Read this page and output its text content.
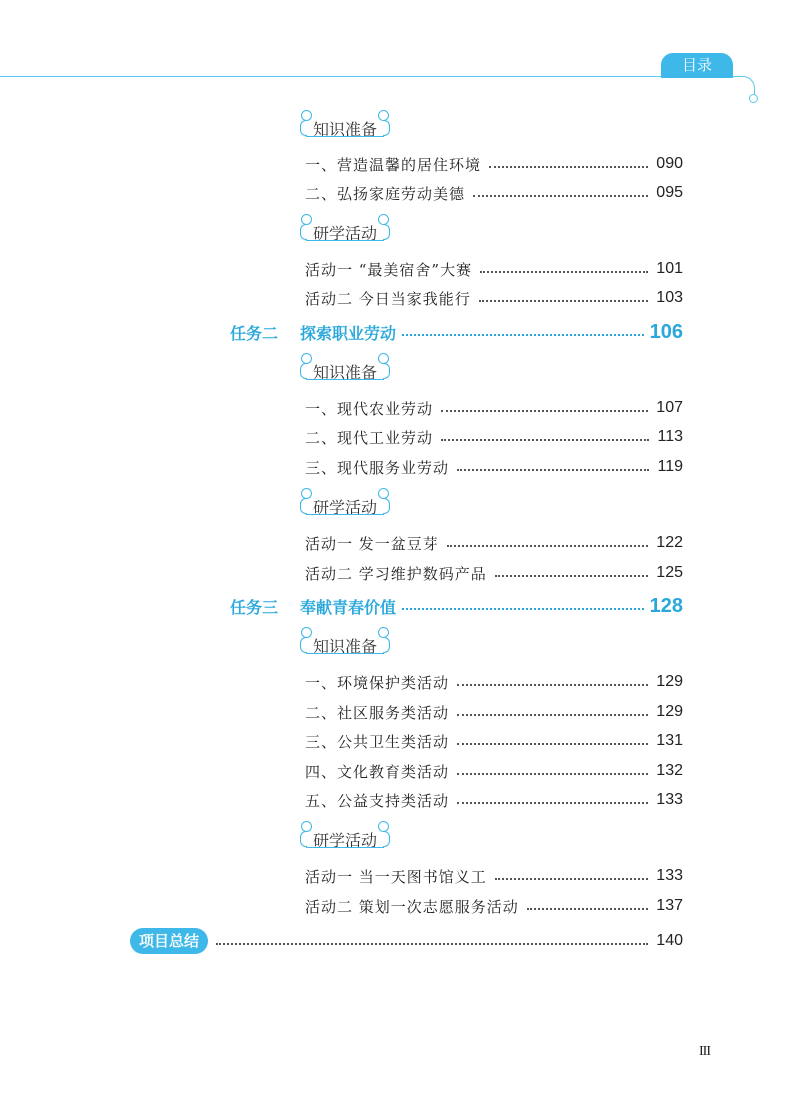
目录
知识准备
一、营造温馨的居住环境	090
二、弘扬家庭劳动美德	095
研学活动
活动一 “最美宿舍”大赛	101
活动二 今日当家我能行	103
任务二	探索职业劳动	106
知识准备
一、现代农业劳动	107
二、现代工业劳动	113
三、现代服务业劳动	119
研学活动
活动一 发一盆豆芽	122
活动二 学习维护数码产品	125
任务三	奉献青春价值	128
知识准备
一、环境保护类活动	129
二、社区服务类活动	129
三、公共卫生类活动	131
四、文化教育类活动	132
五、公益支持类活动	133
研学活动
活动一 当一天图书馆义工	133
活动二 策划一次志愿服务活动	137
项目总结	140
III
